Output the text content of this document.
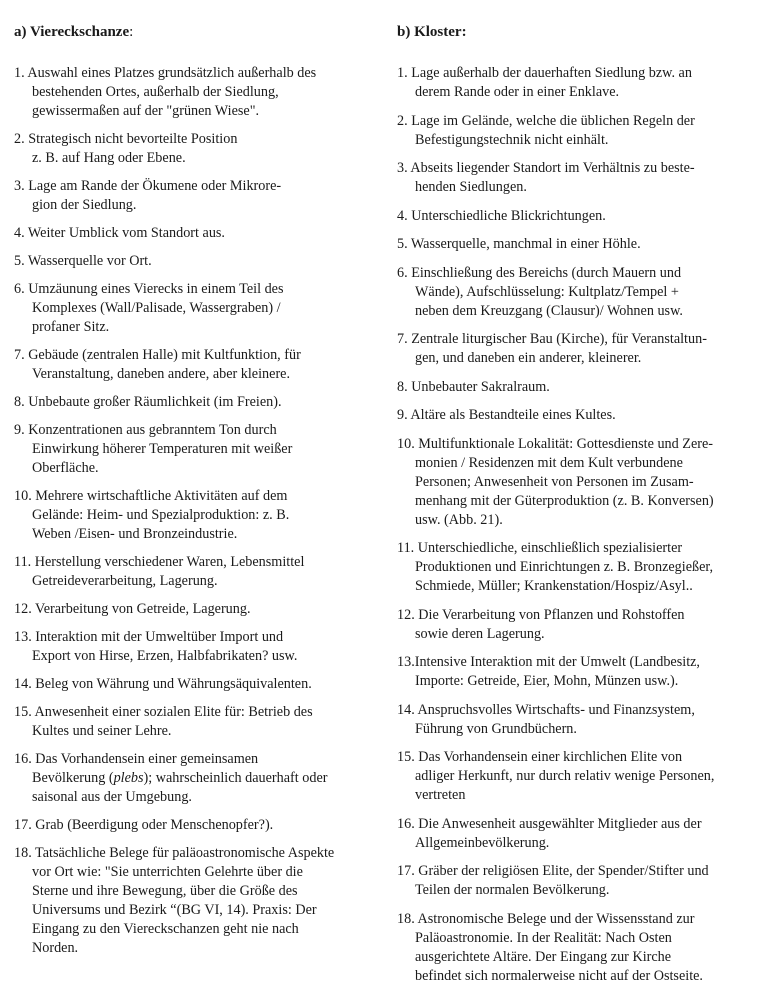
a) Viereckschanze:
1. Auswahl eines Platzes grundsätzlich außerhalb des
bestehenden Ortes, außerhalb der Siedlung,
gewissermaßen auf der "grünen Wiese".
2. Strategisch nicht bevorteilte Position
z. B. auf Hang oder Ebene.
3. Lage am Rande der Ökumene oder Mikrore-
gion der Siedlung.
4. Weiter Umblick vom Standort aus.
5. Wasserquelle vor Ort.
6. Umzäunung eines Vierecks in einem Teil des
Komplexes (Wall/Palisade, Wassergraben) /
profaner Sitz.
7. Gebäude (zentralen Halle) mit Kultfunktion, für
Veranstaltung, daneben andere, aber kleinere.
8. Unbebaute großer Räumlichkeit (im Freien).
9. Konzentrationen aus gebranntem Ton durch
Einwirkung höherer Temperaturen mit weißer
Oberfläche.
10. Mehrere wirtschaftliche Aktivitäten auf dem
Gelände: Heim- und Spezialproduktion: z. B.
Weben /Eisen- und Bronzeindustrie.
11. Herstellung verschiedener Waren, Lebensmittel
Getreideverarbeitung, Lagerung.
12. Verarbeitung von Getreide, Lagerung.
13. Interaktion mit der Umweltüber Import und
Export von Hirse, Erzen, Halbfabrikaten? usw.
14. Beleg von Währung und Währungsäquivalenten.
15. Anwesenheit einer sozialen Elite für: Betrieb des
Kultes und seiner Lehre.
16. Das Vorhandensein einer gemeinsamen
Bevölkerung (plebs); wahrscheinlich dauerhaft oder
saisonal aus der Umgebung.
17. Grab (Beerdigung oder Menschenopfer?).
18. Tatsächliche Belege für paläoastronomische Aspekte
vor Ort wie: "Sie unterrichten Gelehrte über die
Sterne und ihre Bewegung, über die Größe des
Universums und Bezirk “(BG VI, 14). Praxis: Der
Eingang zu den Viereckschanzen geht nie nach
Norden.
b) Kloster:
1. Lage außerhalb der dauerhaften Siedlung bzw. an
derem Rande oder in einer Enklave.
2. Lage im Gelände, welche die üblichen Regeln der
Befestigungstechnik nicht einhält.
3. Abseits liegender Standort im Verhältnis zu beste-
henden Siedlungen.
4. Unterschiedliche Blickrichtungen.
5. Wasserquelle, manchmal in einer Höhle.
6. Einschließung des Bereichs (durch Mauern und
Wände), Aufschlüsselung: Kultplatz/Tempel +
neben dem Kreuzgang (Clausur)/ Wohnen usw.
7. Zentrale liturgischer Bau (Kirche), für Veranstaltun-
gen, und daneben ein anderer, kleinerer.
8. Unbebauter Sakralraum.
9. Altäre als Bestandteile eines Kultes.
10. Multifunktionale Lokalität: Gottesdienste und Zere-
monien / Residenzen mit dem Kult verbundene
Personen; Anwesenheit von Personen im Zusam-
menhang mit der Güterproduktion (z. B. Konversen)
usw. (Abb. 21).
11. Unterschiedliche, einschließlich spezialisierter
Produktionen und Einrichtungen z. B. Bronzegießer,
Schmiede, Müller; Krankenstation/Hospiz/Asyl..
12. Die Verarbeitung von Pflanzen und Rohstoffen
sowie deren Lagerung.
13.Intensive Interaktion mit der Umwelt (Landbesitz,
Importe: Getreide, Eier, Mohn, Münzen usw.).
14. Anspruchsvolles Wirtschafts- und Finanzsystem,
Führung von Grundbüchern.
15. Das Vorhandensein einer kirchlichen Elite von
adliger Herkunft, nur durch relativ wenige Personen,
vertreten
16. Die Anwesenheit ausgewählter Mitglieder aus der
Allgemeinbevölkerung.
17. Gräber der religiösen Elite, der Spender/Stifter und
Teilen der normalen Bevölkerung.
18. Astronomische Belege und der Wissensstand zur
Paläoastronomie. In der Realität: Nach Osten
ausgerichtete Altäre. Der Eingang zur Kirche
befindet sich normalerweise nicht auf der Ostseite.
